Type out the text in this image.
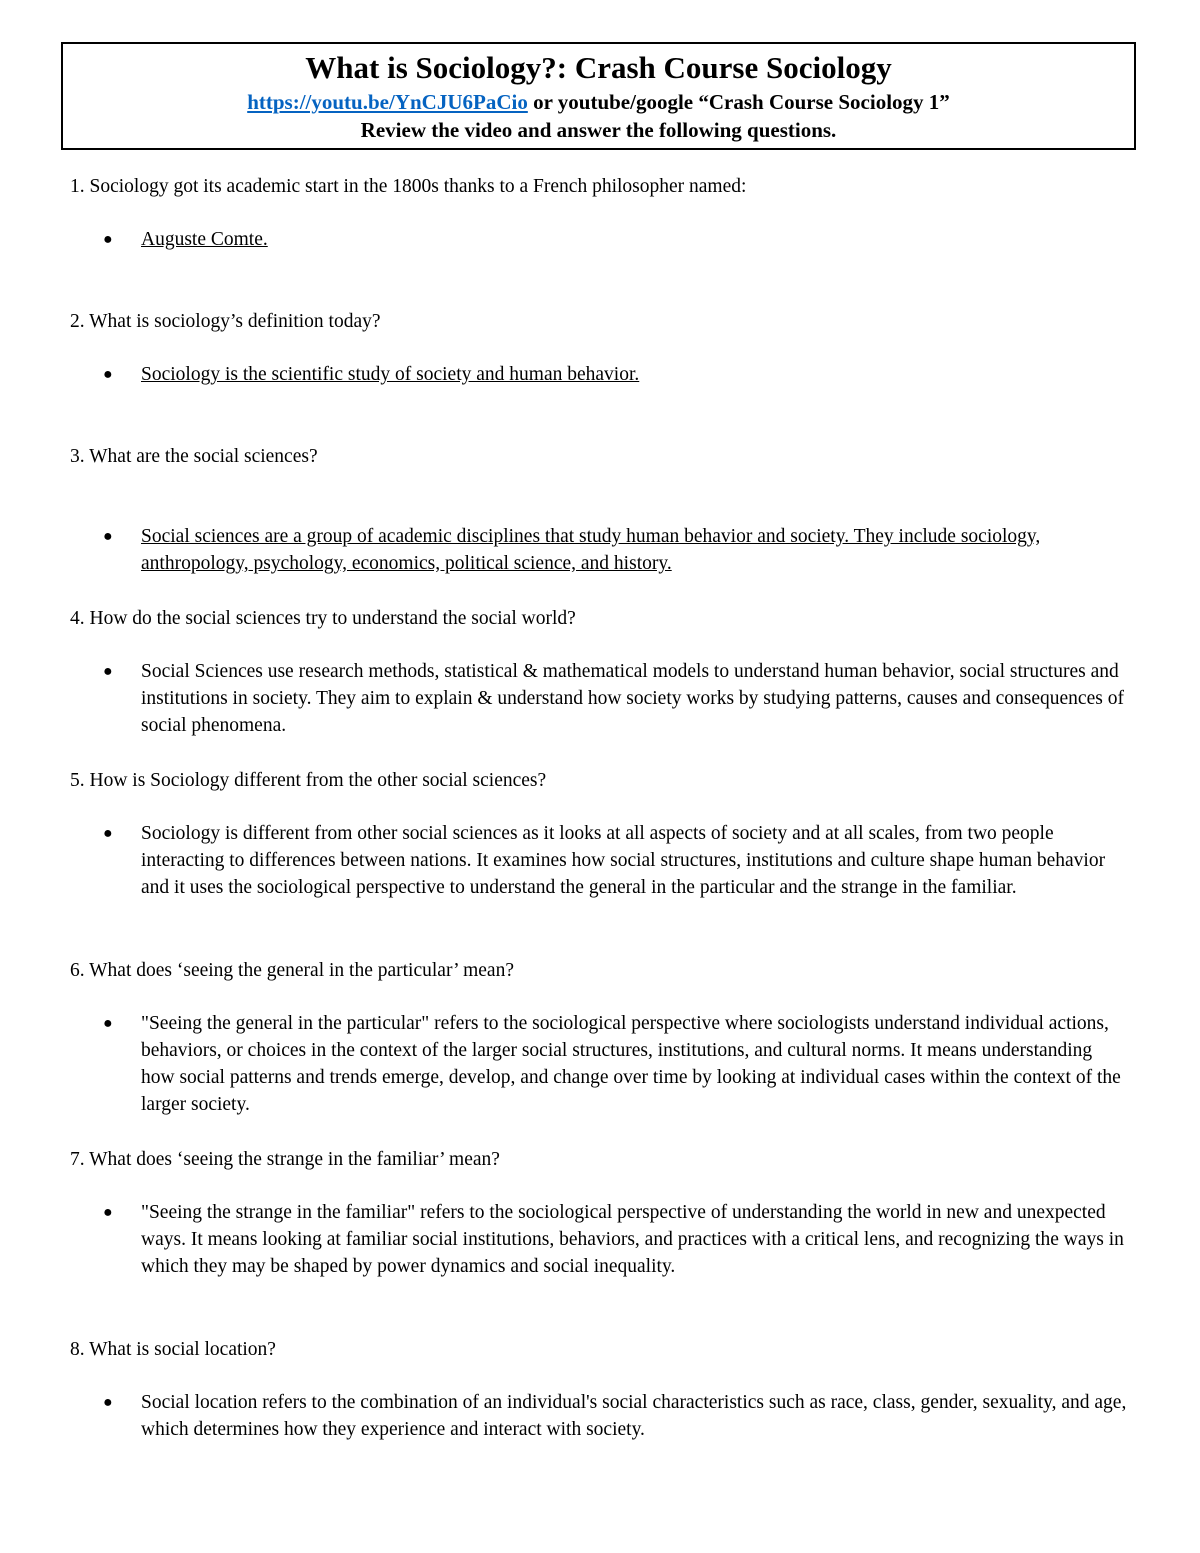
What is Sociology?: Crash Course Sociology
https://youtu.be/YnCJU6PaCio or youtube/google “Crash Course Sociology 1”
Review the video and answer the following questions.

1. Sociology got its academic start in the 1800s thanks to a French philosopher named:

● Auguste Comte.

2. What is sociology’s definition today?

● Sociology is the scientific study of society and human behavior.

3. What are the social sciences?

● Social sciences are a group of academic disciplines that study human behavior and society. They include sociology, anthropology, psychology, economics, political science, and history.

4. How do the social sciences try to understand the social world?

● Social Sciences use research methods, statistical & mathematical models to understand human behavior, social structures and institutions in society. They aim to explain & understand how society works by studying patterns, causes and consequences of social phenomena.

5. How is Sociology different from the other social sciences?

● Sociology is different from other social sciences as it looks at all aspects of society and at all scales, from two people interacting to differences between nations. It examines how social structures, institutions and culture shape human behavior and it uses the sociological perspective to understand the general in the particular and the strange in the familiar.

6. What does ‘seeing the general in the particular’ mean?

● "Seeing the general in the particular" refers to the sociological perspective where sociologists understand individual actions, behaviors, or choices in the context of the larger social structures, institutions, and cultural norms. It means understanding how social patterns and trends emerge, develop, and change over time by looking at individual cases within the context of the larger society.

7. What does ‘seeing the strange in the familiar’ mean?

● "Seeing the strange in the familiar" refers to the sociological perspective of understanding the world in new and unexpected ways. It means looking at familiar social institutions, behaviors, and practices with a critical lens, and recognizing the ways in which they may be shaped by power dynamics and social inequality.

8. What is social location?

● Social location refers to the combination of an individual's social characteristics such as race, class, gender, sexuality, and age, which determines how they experience and interact with society.
